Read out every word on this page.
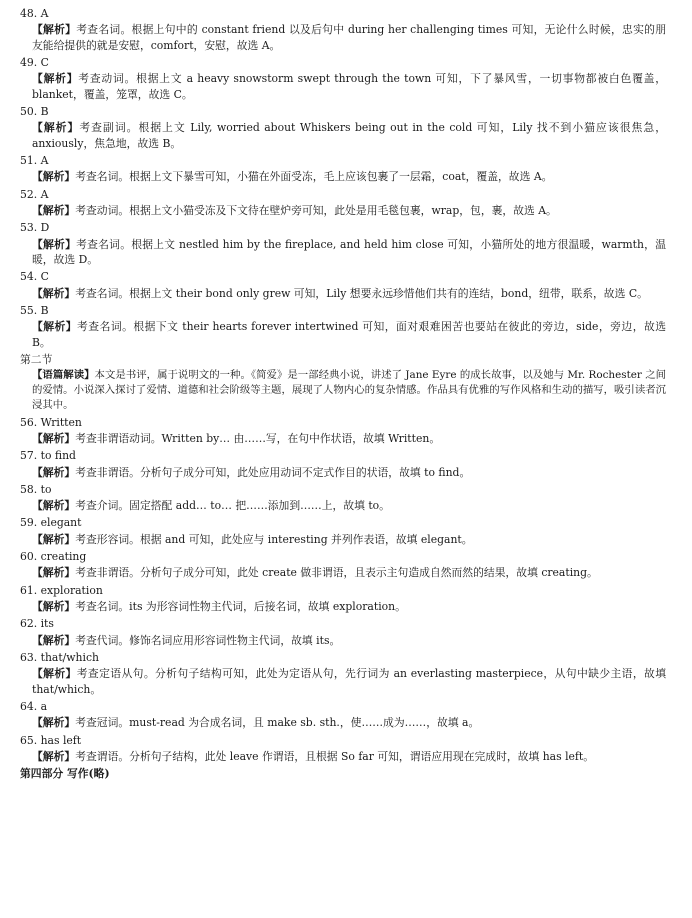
48. A
【解析】考查名词。根据上句中的 constant friend 以及后句中 during her challenging times 可知，无论什么时候，忠实的朋友能给提供的就是安慰，comfort，安慰，故选 A。
49. C
【解析】考查动词。根据上文 a heavy snowstorm swept through the town 可知，下了暴风雪，一切事物都被白色覆盖，blanket，覆盖，笼罩，故选 C。
50. B
【解析】考查副词。根据上文 Lily, worried about Whiskers being out in the cold 可知，Lily 找不到小猫应该很焦急，anxiously，焦急地，故选 B。
51. A
【解析】考查名词。根据上文下暴雪可知，小猫在外面受冻，毛上应该包裹了一层霜，coat，覆盖，故选 A。
52. A
【解析】考查动词。根据上文小猫受冻及下文待在壁炉旁可知，此处是用毛毯包裹，wrap，包，裹，故选 A。
53. D
【解析】考查名词。根据上文 nestled him by the fireplace, and held him close 可知，小猫所处的地方很温暖，warmth，温暖，故选 D。
54. C
【解析】考查名词。根据上文 their bond only grew 可知，Lily 想要永远珍惜他们共有的连结，bond，纽带，联系，故选 C。
55. B
【解析】考查名词。根据下文 their hearts forever intertwined 可知，面对艰难困苦也要站在彼此的旁边，side，旁边，故选 B。
第二节
【语篇解读】本文是书评，属于说明文的一种。《简爱》是一部经典小说，讲述了 Jane Eyre 的成长故事，以及她与 Mr. Rochester 之间的爱情。小说深入探讨了爱情、道德和社会阶级等主题，展现了人物内心的复杂情感。作品具有优雅的写作风格和生动的描写，吸引读者沉浸其中。
56. Written
【解析】考查非谓语动词。Written by… 由……写，在句中作状语，故填 Written。
57. to find
【解析】考查非谓语。分析句子成分可知，此处应用动词不定式作目的状语，故填 to find。
58. to
【解析】考查介词。固定搭配 add… to… 把……添加到……上，故填 to。
59. elegant
【解析】考查形容词。根据 and 可知，此处应与 interesting 并列作表语，故填 elegant。
60. creating
【解析】考查非谓语。分析句子成分可知，此处 create 做非谓语，且表示主句造成自然而然的结果，故填 creating。
61. exploration
【解析】考查名词。its 为形容词性物主代词，后接名词，故填 exploration。
62. its
【解析】考查代词。修饰名词应用形容词性物主代词，故填 its。
63. that/which
【解析】考查定语从句。分析句子结构可知，此处为定语从句，先行词为 an everlasting masterpiece，从句中缺少主语，故填 that/which。
64. a
【解析】考查冠词。must-read 为合成名词，且 make sb. sth.，使……成为……，故填 a。
65. has left
【解析】考查谓语。分析句子结构，此处 leave 作谓语，且根据 So far 可知，谓语应用现在完成时，故填 has left。
第四部分 写作(略)
